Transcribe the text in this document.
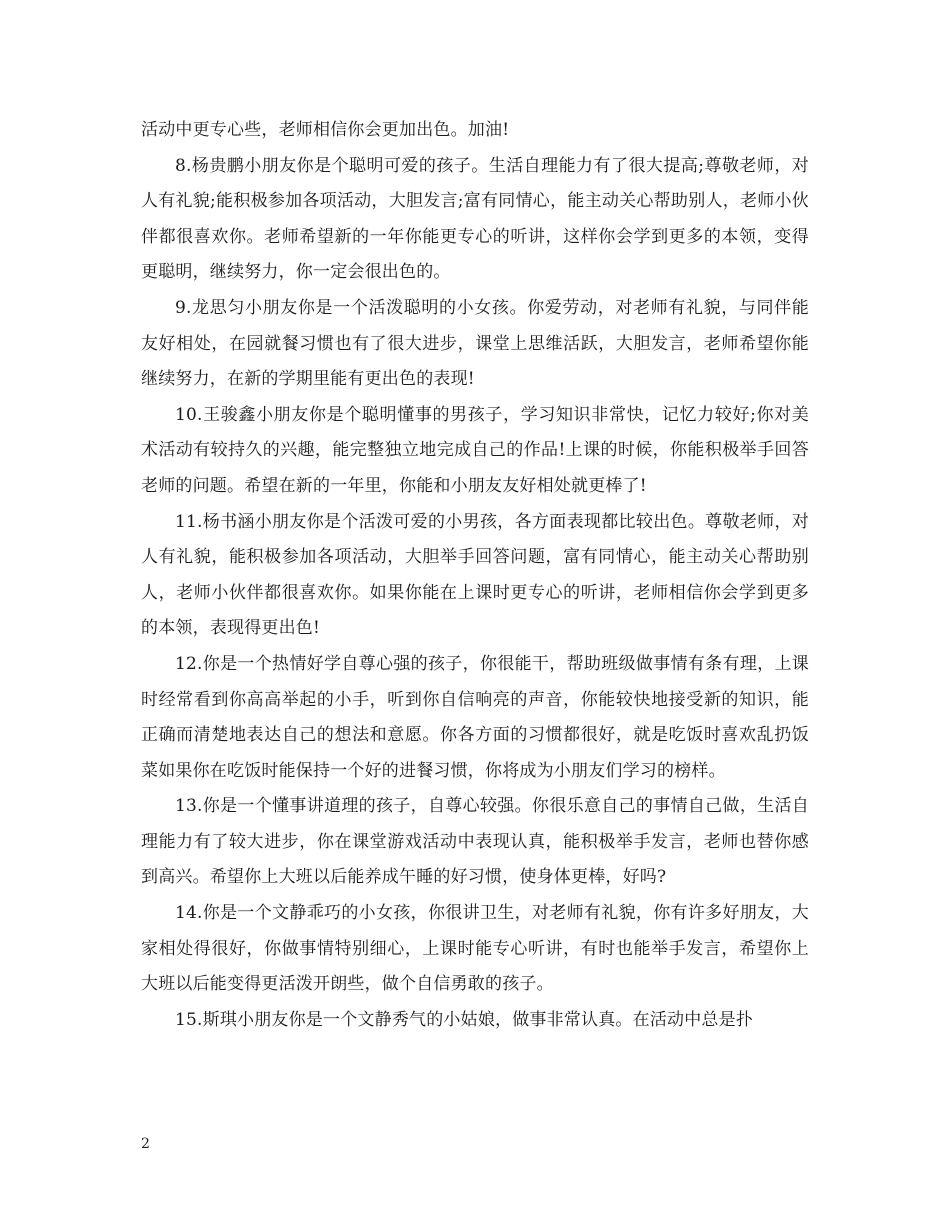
活动中更专心些，老师相信你会更加出色。加油!

8.杨贵鹏小朋友你是个聪明可爱的孩子。生活自理能力有了很大提高;尊敬老师，对人有礼貌;能积极参加各项活动，大胆发言;富有同情心，能主动关心帮助别人，老师小伙伴都很喜欢你。老师希望新的一年你能更专心的听讲，这样你会学到更多的本领，变得更聪明，继续努力，你一定会很出色的。

9.龙思匀小朋友你是一个活泼聪明的小女孩。你爱劳动，对老师有礼貌，与同伴能友好相处，在园就餐习惯也有了很大进步，课堂上思维活跃，大胆发言，老师希望你能继续努力，在新的学期里能有更出色的表现!

10.王骏鑫小朋友你是个聪明懂事的男孩子，学习知识非常快，记忆力较好;你对美术活动有较持久的兴趣，能完整独立地完成自己的作品!上课的时候，你能积极举手回答老师的问题。希望在新的一年里，你能和小朋友友好相处就更棒了!

11.杨书涵小朋友你是个活泼可爱的小男孩，各方面表现都比较出色。尊敬老师，对人有礼貌，能积极参加各项活动，大胆举手回答问题，富有同情心，能主动关心帮助别人，老师小伙伴都很喜欢你。如果你能在上课时更专心的听讲，老师相信你会学到更多的本领，表现得更出色!

12.你是一个热情好学自尊心强的孩子，你很能干，帮助班级做事情有条有理，上课时经常看到你高高举起的小手，听到你自信响亮的声音，你能较快地接受新的知识，能正确而清楚地表达自己的想法和意愿。你各方面的习惯都很好，就是吃饭时喜欢乱扔饭菜如果你在吃饭时能保持一个好的进餐习惯，你将成为小朋友们学习的榜样。

13.你是一个懂事讲道理的孩子，自尊心较强。你很乐意自己的事情自己做，生活自理能力有了较大进步，你在课堂游戏活动中表现认真，能积极举手发言，老师也替你感到高兴。希望你上大班以后能养成午睡的好习惯，使身体更棒，好吗?

14.你是一个文静乖巧的小女孩，你很讲卫生，对老师有礼貌，你有许多好朋友，大家相处得很好，你做事情特别细心，上课时能专心听讲，有时也能举手发言，希望你上大班以后能变得更活泼开朗些，做个自信勇敢的孩子。

15.斯琪小朋友你是一个文静秀气的小姑娘，做事非常认真。在活动中总是扑

2
